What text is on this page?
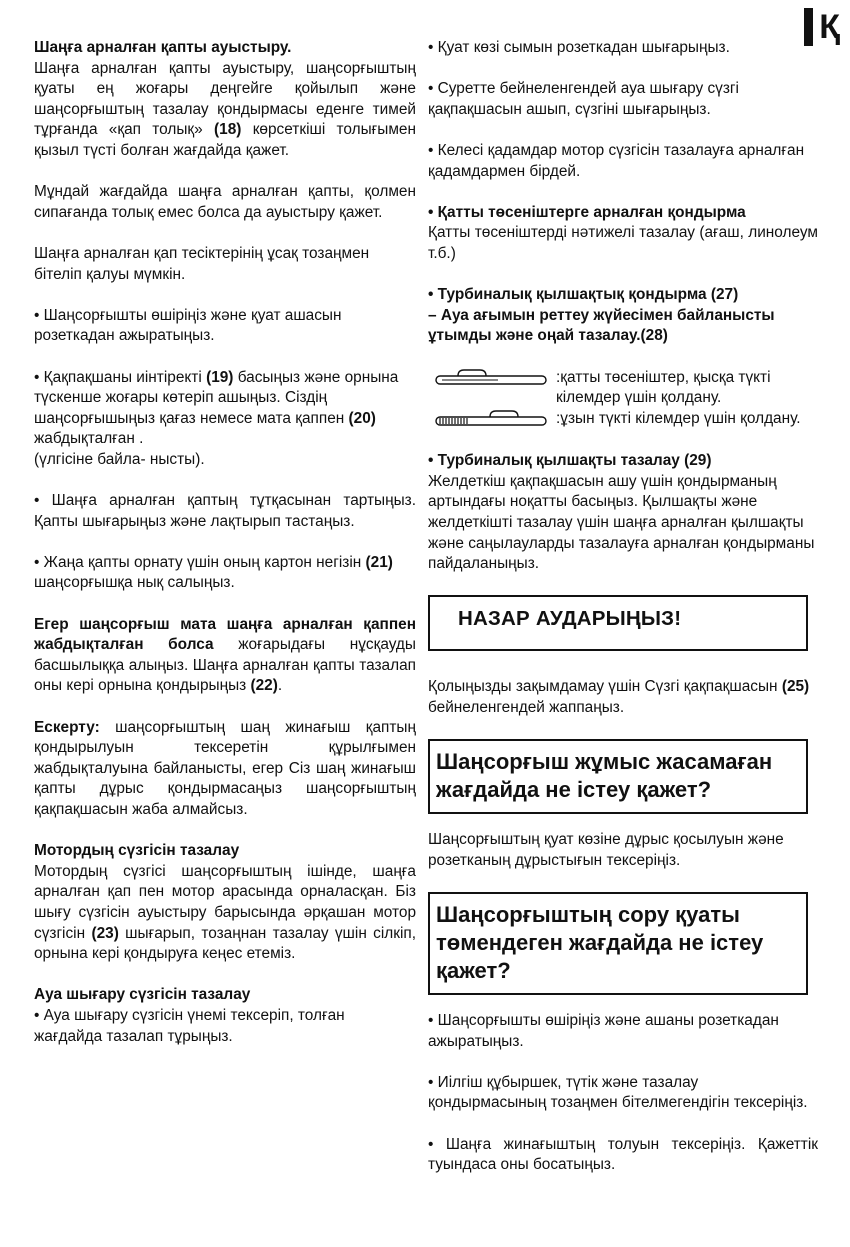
Қ
Шаңға арналған қапты ауыстыру.
Шаңға арналған қапты ауыстыру, шаңсорғыштың қуаты ең жоғары деңгейге қойылып және шаңсорғыштың тазалау қондырмасы еденге тимей тұрғанда «қап толық» (18) көрсеткіші толығымен қызыл түсті болған жағдайда қажет.
Мұндай жағдайда шаңға арналған қапты, қолмен сипағанда толық емес болса да ауыстыру қажет.
Шаңға арналған қап тесіктерінің ұсақ тозаңмен бітеліп қалуы мүмкін.
• Шаңсорғышты өшіріңіз және қуат ашасын розеткадан ажыратыңыз.
• Қақпақшаны иінтіректі (19) басыңыз және орнына түскенше жоғары көтеріп ашыңыз. Сіздің шаңсорғышыңыз қағаз немесе мата қаппен (20) жабдықталған .
(үлгісіне байла- нысты).
• Шаңға арналған қаптың тұтқасынан тартыңыз. Қапты шығарыңыз және лақтырып тастаңыз.
• Жаңа қапты орнату үшін оның картон негізін (21) шаңсорғышқа нық салыңыз.
Егер шаңсорғыш мата шаңға арналған қаппен жабдықталған болса жоғарыдағы нұсқауды басшылыққа алыңыз. Шаңға арналған қапты тазалап оны кері орнына қондырыңыз (22).
Ескерту: шаңсорғыштың шаң жинағыш қаптың қондырылуын тексеретін құрылғымен жабдықталуына байланысты, егер Сіз шаң жинағыш қапты дұрыс қондырмасаңыз шаңсорғыштың қақпақшасын жаба алмайсыз.
Мотордың сүзгісін тазалау
Мотордың сүзгісі шаңсорғыштың ішінде, шаңға арналған қап пен мотор арасында орналасқан. Біз шығу сүзгісін ауыстыру барысында әрқашан мотор сүзгісін (23) шығарып, тозаңнан тазалау үшін сілкіп, орнына кері қондыруға кеңес етеміз.
Ауа шығару сүзгісін тазалау
• Ауа шығару сүзгісін үнемі тексеріп, толған жағдайда тазалап тұрыңыз.
• Қуат көзі сымын розеткадан шығарыңыз.
• Суретте бейнеленгендей ауа шығару сүзгі қақпақшасын ашып, сүзгіні шығарыңыз.
• Келесі қадамдар мотор сүзгісін тазалауға арналған қадамдармен бірдей.
• Қатты төсеніштерге арналған қондырма
Қатты төсеніштерді нәтижелі тазалау (ағаш, линолеум т.б.)
• Турбиналық қылшақтық қондырма (27)
– Ауа ағымын реттеу жүйесімен байланысты ұтымды және оңай тазалау.(28)
:қатты төсеніштер, қысқа түкті кілемдер үшін қолдану.
:ұзын түкті кілемдер үшін қолдану.
• Турбиналық қылшақты тазалау (29)
Желдеткіш қақпақшасын ашу үшін қондырманың артындағы ноқатты басыңыз. Қылшақты және желдеткішті тазалау үшін шаңға арналған қылшақты және саңылауларды тазалауға арналған қондырманы пайдаланыңыз.
НАЗАР АУДАРЫҢЫЗ!
Қолыңызды зақымдамау үшін Сүзгі қақпақшасын (25) бейнеленгендей жаппаңыз.
Шаңсорғыш жұмыс жасамаған жағдайда не істеу қажет?
Шаңсорғыштың қуат көзіне дұрыс қосылуын және розетканың дұрыстығын тексеріңіз.
Шаңсорғыштың сору қуаты төмендеген жағдайда не істеу қажет?
• Шаңсорғышты өшіріңіз және ашаны розеткадан ажыратыңыз.
• Иілгіш құбыршек, түтік және тазалау қондырмасының тозаңмен бітелмегендігін тексеріңіз.
• Шаңға жинағыштың толуын тексеріңіз. Қажеттік туындаса оны босатыңыз.
